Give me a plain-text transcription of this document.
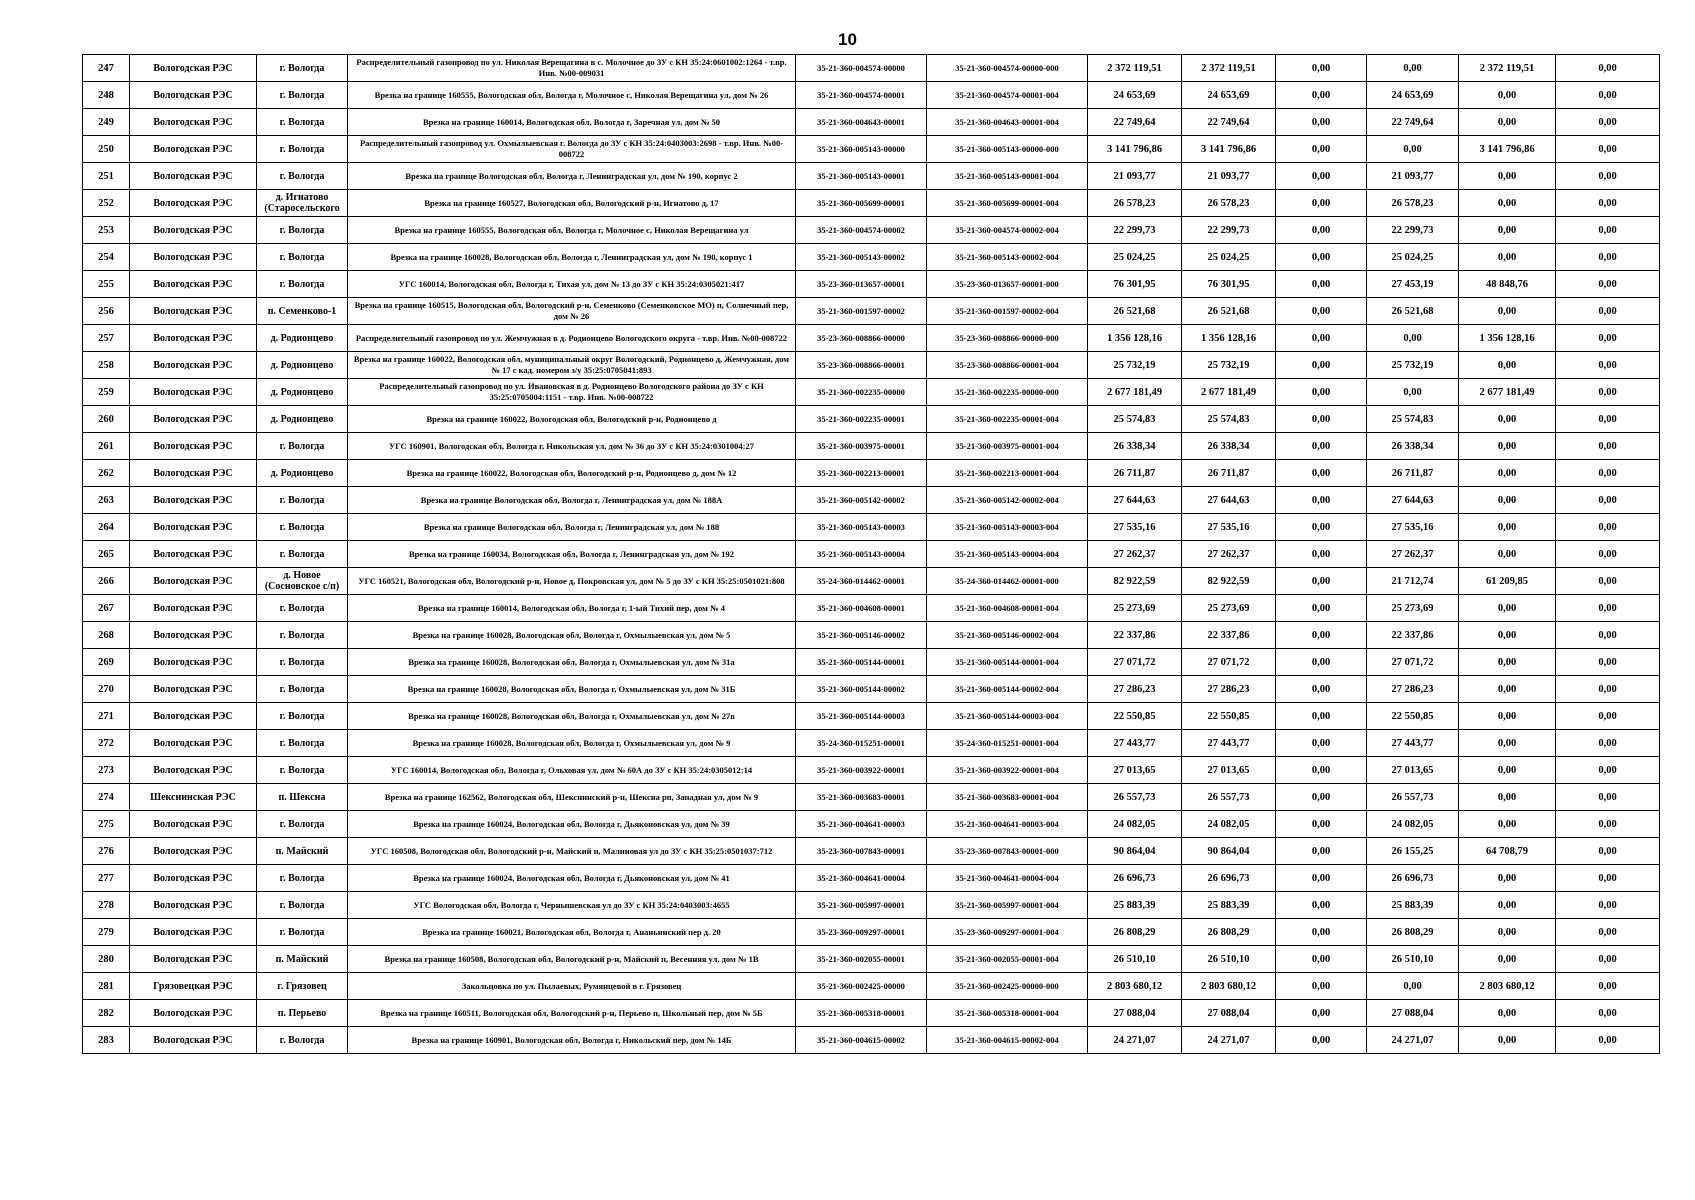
10
247	Вологодская РЭС	г. Вологда	Распределительный газопровод по ул. Николая Верещагина в с. Молочное до ЗУ с КН 35:24:0601002:1264 - т.вр. Инв. №00-009031	35-21-360-004574-00000	35-21-360-004574-00000-000	2 372 119,51	2 372 119,51	0,00	0,00	2 372 119,51	0,00
248	Вологодская РЭС	г. Вологда	Врезка на границе 160555, Вологодская обл, Вологда г, Молочное с, Николая Верещагина ул, дом № 26	35-21-360-004574-00001	35-21-360-004574-00001-004	24 653,69	24 653,69	0,00	24 653,69	0,00	0,00
249	Вологодская РЭС	г. Вологда	Врезка на границе 160014, Вологодская обл, Вологда г, Заречная ул, дом № 50	35-21-360-004643-00001	35-21-360-004643-00001-004	22 749,64	22 749,64	0,00	22 749,64	0,00	0,00
250	Вологодская РЭС	г. Вологда	Распределительный газопровод ул. Охмылыевская г. Вологда до ЗУ с КН 35:24:0403003:2698 - т.вр. Инв. №00-008722	35-21-360-005143-00000	35-21-360-005143-00000-000	3 141 796,86	3 141 796,86	0,00	0,00	3 141 796,86	0,00
251	Вологодская РЭС	г. Вологда	Врезка на границе Вологодская обл, Вологда г, Ленинградская ул, дом № 190, корпус 2	35-21-360-005143-00001	35-21-360-005143-00001-004	21 093,77	21 093,77	0,00	21 093,77	0,00	0,00
252	Вологодская РЭС	д. Игнатово (Старосельского	Врезка на границе 160527, Вологодская обл, Вологодский р-н, Игнатово д, 17	35-21-360-005699-00001	35-21-360-005699-00001-004	26 578,23	26 578,23	0,00	26 578,23	0,00	0,00
253	Вологодская РЭС	г. Вологда	Врезка на границе 160555, Вологодская обл, Вологда г, Молочное с, Николая Верещагина ул	35-21-360-004574-00002	35-21-360-004574-00002-004	22 299,73	22 299,73	0,00	22 299,73	0,00	0,00
254	Вологодская РЭС	г. Вологда	Врезка на границе 160028, Вологодская обл, Вологда г, Ленинградская ул, дом № 190, корпус 1	35-21-360-005143-00002	35-21-360-005143-00002-004	25 024,25	25 024,25	0,00	25 024,25	0,00	0,00
255	Вологодская РЭС	г. Вологда	УГС 160014, Вологодская обл, Вологда г, Тихая ул, дом № 13 до ЗУ с КН 35:24:0305021:417	35-23-360-013657-00001	35-23-360-013657-00001-000	76 301,95	76 301,95	0,00	27 453,19	48 848,76	0,00
256	Вологодская РЭС	п. Семенково-1	Врезка на границе 160515, Вологодская обл, Вологодский р-н, Семенково (Семенковское МО) п, Солнечный пер, дом № 26	35-21-360-001597-00002	35-21-360-001597-00002-004	26 521,68	26 521,68	0,00	26 521,68	0,00	0,00
257	Вологодская РЭС	д. Родионцево	Распределительный газопровод по ул. Жемчужная в д. Родионцево Вологодского округа - т.вр. Инв. №00-008722	35-23-360-008866-00000	35-23-360-008866-00000-000	1 356 128,16	1 356 128,16	0,00	0,00	1 356 128,16	0,00
258	Вологодская РЭС	д. Родионцево	Врезка на границе 160022, Вологодская обл, муниципальный округ Вологодский, Родионцево д, Жемчужная, дом № 17 с кад. номером з/у 35:25:0705041:893	35-23-360-008866-00001	35-23-360-008866-00001-004	25 732,19	25 732,19	0,00	25 732,19	0,00	0,00
259	Вологодская РЭС	д. Родионцево	Распределительный газопровод по ул. Ивановская в д. Родионцево Вологодского района до ЗУ с КН 35:25:0705004:1151 - т.вр. Инв. №00-008722	35-21-360-002235-00000	35-21-360-002235-00000-000	2 677 181,49	2 677 181,49	0,00	0,00	2 677 181,49	0,00
260	Вологодская РЭС	д. Родионцево	Врезка на границе 160022, Вологодская обл, Вологодский р-н, Родионцево д	35-21-360-002235-00001	35-21-360-002235-00001-004	25 574,83	25 574,83	0,00	25 574,83	0,00	0,00
261	Вологодская РЭС	г. Вологда	УГС 160901, Вологодская обл, Вологда г, Никольская ул, дом № 36 до ЗУ с КН 35:24:0301004:27	35-21-360-003975-00001	35-21-360-003975-00001-004	26 338,34	26 338,34	0,00	26 338,34	0,00	0,00
262	Вологодская РЭС	д. Родионцево	Врезка на границе 160022, Вологодская обл, Вологодский р-н, Родионцево д, дом № 12	35-21-360-002213-00001	35-21-360-002213-00001-004	26 711,87	26 711,87	0,00	26 711,87	0,00	0,00
263	Вологодская РЭС	г. Вологда	Врезка на границе Вологодская обл, Вологда г, Ленинградская ул, дом № 188А	35-21-360-005142-00002	35-21-360-005142-00002-004	27 644,63	27 644,63	0,00	27 644,63	0,00	0,00
264	Вологодская РЭС	г. Вологда	Врезка на границе Вологодская обл, Вологда г, Ленинградская ул, дом № 188	35-21-360-005143-00003	35-21-360-005143-00003-004	27 535,16	27 535,16	0,00	27 535,16	0,00	0,00
265	Вологодская РЭС	г. Вологда	Врезка на границе 160034, Вологодская обл, Вологда г, Ленинградская ул, дом № 192	35-21-360-005143-00004	35-21-360-005143-00004-004	27 262,37	27 262,37	0,00	27 262,37	0,00	0,00
266	Вологодская РЭС	д. Новое (Сосновское с/п)	УГС 160521, Вологодская обл, Вологодский р-н, Новое д, Покровская ул, дом № 5 до ЗУ с КН 35:25:0501021:808	35-24-360-014462-00001	35-24-360-014462-00001-000	82 922,59	82 922,59	0,00	21 712,74	61 209,85	0,00
267	Вологодская РЭС	г. Вологда	Врезка на границе 160014, Вологодская обл, Вологда г, 1-ый Тихий пер, дом № 4	35-21-360-004608-00001	35-21-360-004608-00001-004	25 273,69	25 273,69	0,00	25 273,69	0,00	0,00
268	Вологодская РЭС	г. Вологда	Врезка на границе 160028, Вологодская обл, Вологда г, Охмылыевская ул, дом № 5	35-21-360-005146-00002	35-21-360-005146-00002-004	22 337,86	22 337,86	0,00	22 337,86	0,00	0,00
269	Вологодская РЭС	г. Вологда	Врезка на границе 160028, Вологодская обл, Вологда г, Охмылыевская ул, дом № 31а	35-21-360-005144-00001	35-21-360-005144-00001-004	27 071,72	27 071,72	0,00	27 071,72	0,00	0,00
270	Вологодская РЭС	г. Вологда	Врезка на границе 160028, Вологодская обл, Вологда г, Охмылыевская ул, дом № 31Б	35-21-360-005144-00002	35-21-360-005144-00002-004	27 286,23	27 286,23	0,00	27 286,23	0,00	0,00
271	Вологодская РЭС	г. Вологда	Врезка на границе 160028, Вологодская обл, Вологда г, Охмылыевская ул, дом № 27в	35-21-360-005144-00003	35-21-360-005144-00003-004	22 550,85	22 550,85	0,00	22 550,85	0,00	0,00
272	Вологодская РЭС	г. Вологда	Врезка на границе 160028, Вологодская обл, Вологда г, Охмылыевская ул, дом № 9	35-24-360-015251-00001	35-24-360-015251-00001-004	27 443,77	27 443,77	0,00	27 443,77	0,00	0,00
273	Вологодская РЭС	г. Вологда	УГС 160014, Вологодская обл, Вологда г, Ольховая ул, дом № 60А до ЗУ с КН 35:24:0305012:14	35-21-360-003922-00001	35-21-360-003922-00001-004	27 013,65	27 013,65	0,00	27 013,65	0,00	0,00
274	Шекснинская РЭС	п. Шексна	Врезка на границе 162562, Вологодская обл, Шекснинский р-н, Шексна рп, Западная ул, дом № 9	35-21-360-003683-00001	35-21-360-003683-00001-004	26 557,73	26 557,73	0,00	26 557,73	0,00	0,00
275	Вологодская РЭС	г. Вологда	Врезка на границе 160024, Вологодская обл, Вологда г, Дьяконовская ул, дом № 39	35-21-360-004641-00003	35-21-360-004641-00003-004	24 082,05	24 082,05	0,00	24 082,05	0,00	0,00
276	Вологодская РЭС	п. Майский	УГС 160508, Вологодская обл, Вологодский р-н, Майский п, Малиновая ул до ЗУ с КН 35:25:0501037:712	35-23-360-007843-00001	35-23-360-007843-00001-000	90 864,04	90 864,04	0,00	26 155,25	64 708,79	0,00
277	Вологодская РЭС	г. Вологда	Врезка на границе 160024, Вологодская обл, Вологда г, Дьяконовская ул, дом № 41	35-21-360-004641-00004	35-21-360-004641-00004-004	26 696,73	26 696,73	0,00	26 696,73	0,00	0,00
278	Вологодская РЭС	г. Вологда	УГС Вологодская обл, Вологда г, Чернышевская ул до ЗУ с КН 35:24:0403003:4655	35-21-360-005997-00001	35-21-360-005997-00001-004	25 883,39	25 883,39	0,00	25 883,39	0,00	0,00
279	Вологодская РЭС	г. Вологда	Врезка на границе 160021, Вологодская обл, Вологда г, Ананьинский пер д. 20	35-23-360-009297-00001	35-23-360-009297-00001-004	26 808,29	26 808,29	0,00	26 808,29	0,00	0,00
280	Вологодская РЭС	п. Майский	Врезка на границе 160508, Вологодская обл, Вологодский р-н, Майский п, Весенняя ул, дом № 1В	35-21-360-002055-00001	35-21-360-002055-00001-004	26 510,10	26 510,10	0,00	26 510,10	0,00	0,00
281	Грязовецкая РЭС	г. Грязовец	Закольцовка по ул. Пылаевых, Румянцевой в г. Грязовец	35-21-360-002425-00000	35-21-360-002425-00000-000	2 803 680,12	2 803 680,12	0,00	0,00	2 803 680,12	0,00
282	Вологодская РЭС	п. Перьево	Врезка на границе 160511, Вологодская обл, Вологодский р-н, Перьево п, Школьный пер, дом № 5Б	35-21-360-005318-00001	35-21-360-005318-00001-004	27 088,04	27 088,04	0,00	27 088,04	0,00	0,00
283	Вологодская РЭС	г. Вологда	Врезка на границе 160901, Вологодская обл, Вологда г, Никольский пер, дом № 14Б	35-21-360-004615-00002	35-21-360-004615-00002-004	24 271,07	24 271,07	0,00	24 271,07	0,00	0,00
